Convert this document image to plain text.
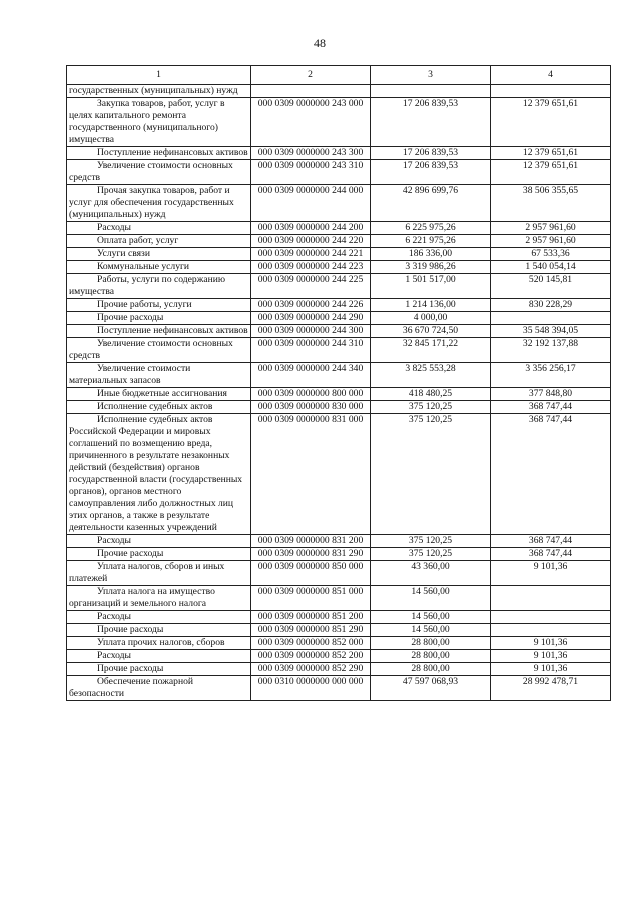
48
1	2	3	4
государственных (муниципальных) нужд			
Закупка товаров, работ, услуг в целях капитального ремонта государственного (муниципального) имущества	000 0309 0000000 243 000	17 206 839,53	12 379 651,61
Поступление нефинансовых активов	000 0309 0000000 243 300	17 206 839,53	12 379 651,61
Увеличение стоимости основных средств	000 0309 0000000 243 310	17 206 839,53	12 379 651,61
Прочая закупка товаров, работ и услуг для обеспечения государственных (муниципальных) нужд	000 0309 0000000 244 000	42 896 699,76	38 506 355,65
Расходы	000 0309 0000000 244 200	6 225 975,26	2 957 961,60
Оплата работ, услуг	000 0309 0000000 244 220	6 221 975,26	2 957 961,60
Услуги связи	000 0309 0000000 244 221	186 336,00	67 533,36
Коммунальные услуги	000 0309 0000000 244 223	3 319 986,26	1 540 054,14
Работы, услуги по содержанию имущества	000 0309 0000000 244 225	1 501 517,00	520 145,81
Прочие работы, услуги	000 0309 0000000 244 226	1 214 136,00	830 228,29
Прочие расходы	000 0309 0000000 244 290	4 000,00	
Поступление нефинансовых активов	000 0309 0000000 244 300	36 670 724,50	35 548 394,05
Увеличение стоимости основных средств	000 0309 0000000 244 310	32 845 171,22	32 192 137,88
Увеличение стоимости материальных запасов	000 0309 0000000 244 340	3 825 553,28	3 356 256,17
Иные бюджетные ассигнования	000 0309 0000000 800 000	418 480,25	377 848,80
Исполнение судебных актов	000 0309 0000000 830 000	375 120,25	368 747,44
Исполнение судебных актов Российской Федерации и мировых соглашений по возмещению вреда, причиненного в результате незаконных действий (бездействия) органов государственной власти (государственных органов), органов местного самоуправления либо должностных лиц этих органов, а также в результате деятельности казенных учреждений	000 0309 0000000 831 000	375 120,25	368 747,44
Расходы	000 0309 0000000 831 200	375 120,25	368 747,44
Прочие расходы	000 0309 0000000 831 290	375 120,25	368 747,44
Уплата налогов, сборов и иных платежей	000 0309 0000000 850 000	43 360,00	9 101,36
Уплата налога на имущество организаций и земельного налога	000 0309 0000000 851 000	14 560,00	
Расходы	000 0309 0000000 851 200	14 560,00	
Прочие расходы	000 0309 0000000 851 290	14 560,00	
Уплата прочих налогов, сборов	000 0309 0000000 852 000	28 800,00	9 101,36
Расходы	000 0309 0000000 852 200	28 800,00	9 101,36
Прочие расходы	000 0309 0000000 852 290	28 800,00	9 101,36
Обеспечение пожарной безопасности	000 0310 0000000 000 000	47 597 068,93	28 992 478,71
